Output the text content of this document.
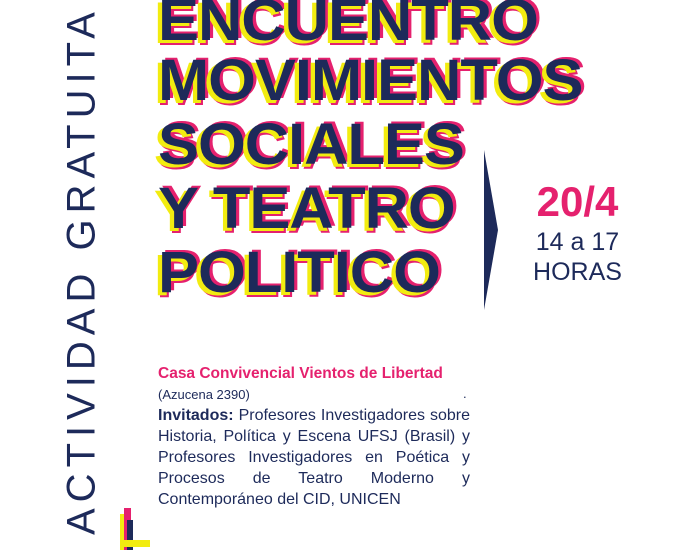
ACTIVIDAD GRATUITA ENCUENTRO
MOVIMIENTOS
SOCIALES
Y TEATRO
POLITICO
20/4
14 a 17
HORAS
Casa Convivencial Vientos de Libertad
(Azucena 2390)	.
Invitados: Profesores Investigadores sobre Historia, Política y Escena UFSJ (Brasil) y Profesores Investigadores en Poética y Procesos de Teatro Moderno y Contemporáneo del CID, UNICEN
